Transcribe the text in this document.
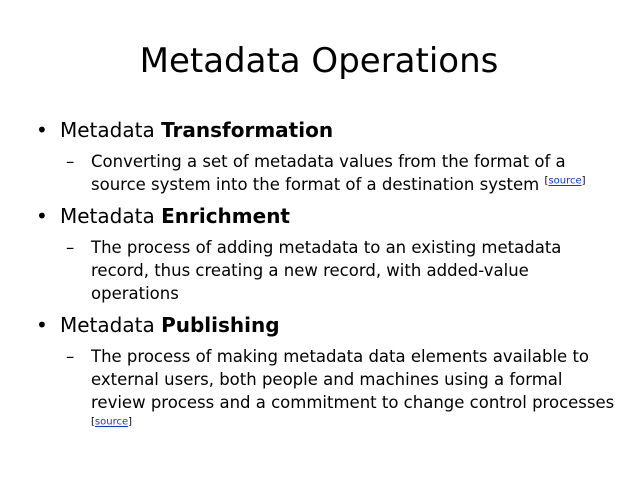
Metadata Operations
• Metadata Transformation
– Converting a set of metadata values from the format of a source system into the format of a destination system [source]
• Metadata Enrichment
– The process of adding metadata to an existing metadata record, thus creating a new record, with added-value operations
• Metadata Publishing
– The process of making metadata data elements available to external users, both people and machines using a formal review process and a commitment to change control processes [source]
